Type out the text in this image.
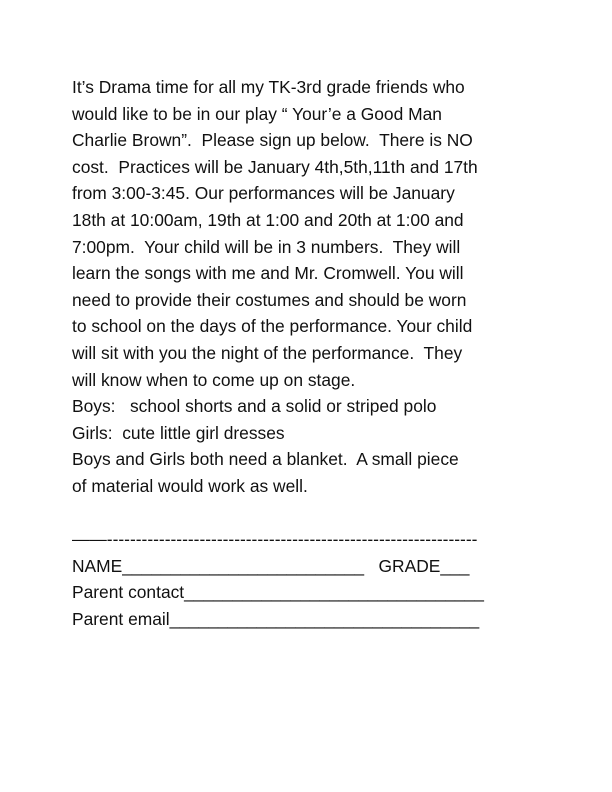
It’s Drama time for all my TK-3rd grade friends who
would like to be in our play “ Your’e a Good Man
Charlie Brown”.  Please sign up below.  There is NO
cost.  Practices will be January 4th,5th,11th and 17th
from 3:00-3:45. Our performances will be January
18th at 10:00am, 19th at 1:00 and 20th at 1:00 and
7:00pm.  Your child will be in 3 numbers.  They will
learn the songs with me and Mr. Cromwell. You will
need to provide their costumes and should be worn
to school on the days of the performance. Your child
will sit with you the night of the performance.  They
will know when to come up on stage.
Boys:   school shorts and a solid or striped polo
Girls:  cute little girl dresses
Boys and Girls both need a blanket.  A small piece
of material would work as well.
——----------------------------------------------------------------
NAME_________________________   GRADE___
Parent contact_______________________________
Parent email________________________________
